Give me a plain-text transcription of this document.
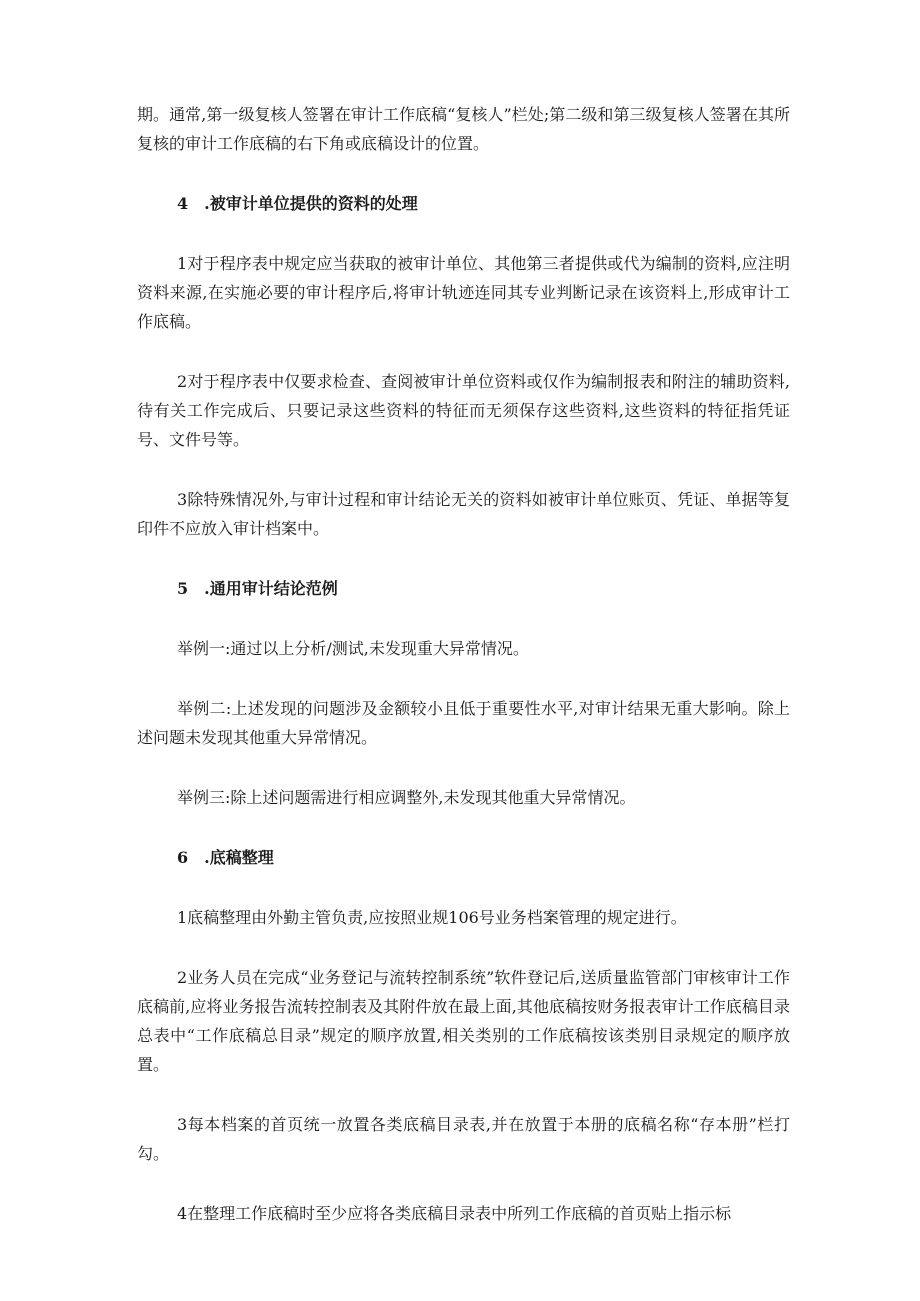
期。通常,第一级复核人签署在审计工作底稿“复核人”栏处;第二级和第三级复核人签署在其所复核的审计工作底稿的右下角或底稿设计的位置。

4　.被审计单位提供的资料的处理

1对于程序表中规定应当获取的被审计单位、其他第三者提供或代为编制的资料,应注明资料来源,在实施必要的审计程序后,将审计轨迹连同其专业判断记录在该资料上,形成审计工作底稿。

2对于程序表中仅要求检查、查阅被审计单位资料或仅作为编制报表和附注的辅助资料,待有关工作完成后、只要记录这些资料的特征而无须保存这些资料,这些资料的特征指凭证号、文件号等。

3除特殊情况外,与审计过程和审计结论无关的资料如被审计单位账页、凭证、单据等复印件不应放入审计档案中。

5　.通用审计结论范例

举例一:通过以上分析/测试,未发现重大异常情况。

举例二:上述发现的问题涉及金额较小且低于重要性水平,对审计结果无重大影响。除上述问题未发现其他重大异常情况。

举例三:除上述问题需进行相应调整外,未发现其他重大异常情况。

6　.底稿整理

1底稿整理由外勤主管负责,应按照业规106号业务档案管理的规定进行。

2业务人员在完成“业务登记与流转控制系统”软件登记后,送质量监管部门审核审计工作底稿前,应将业务报告流转控制表及其附件放在最上面,其他底稿按财务报表审计工作底稿目录总表中“工作底稿总目录”规定的顺序放置,相关类别的工作底稿按该类别目录规定的顺序放置。

3每本档案的首页统一放置各类底稿目录表,并在放置于本册的底稿名称“存本册”栏打勾。

4在整理工作底稿时至少应将各类底稿目录表中所列工作底稿的首页贴上指示标
